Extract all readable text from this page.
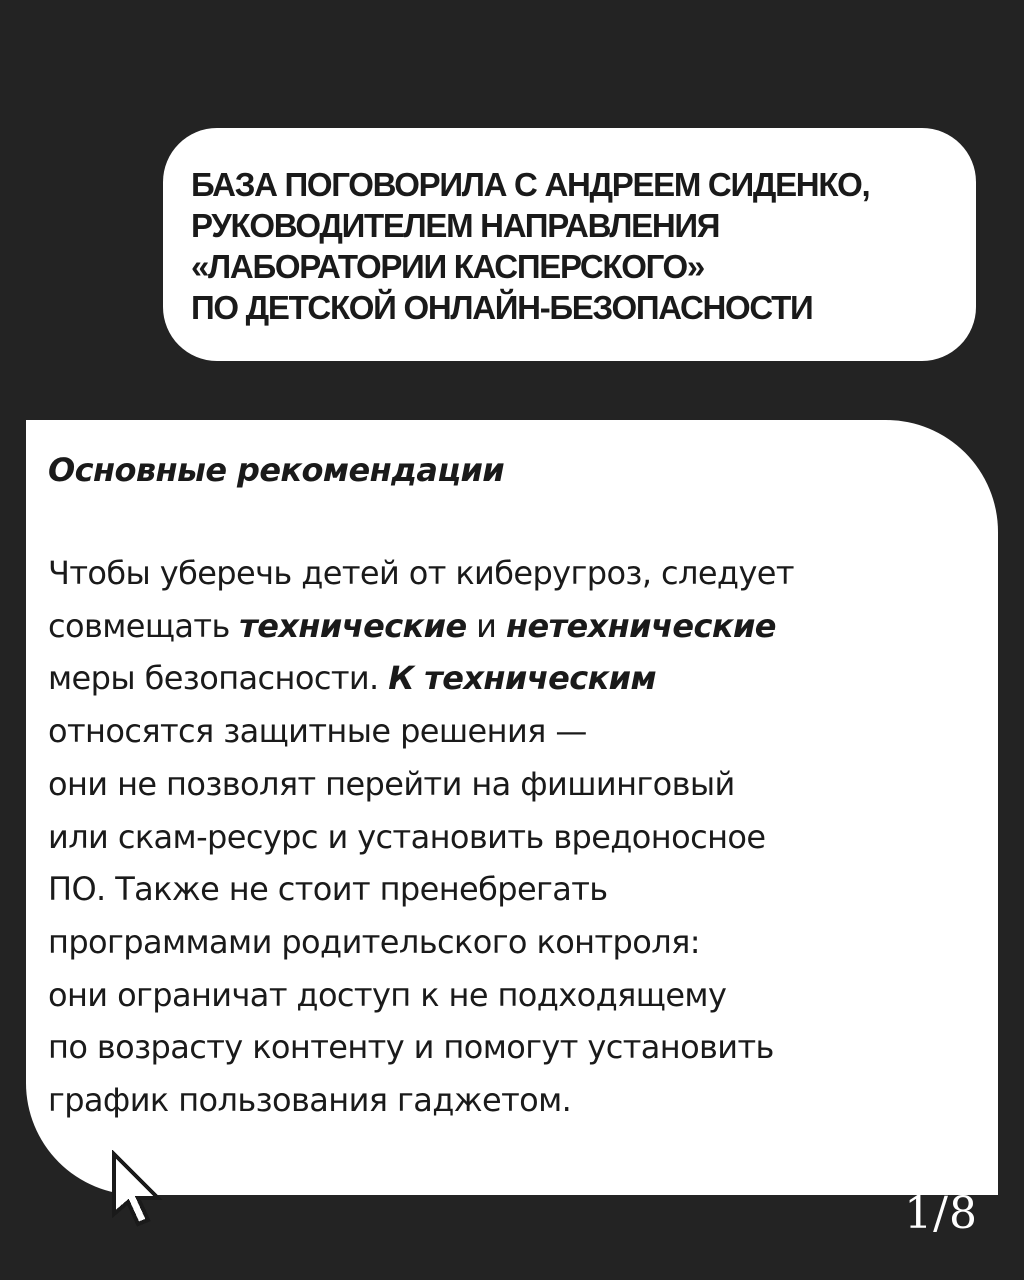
БАЗА ПОГОВОРИЛА С АНДРЕЕМ СИДЕНКО,
РУКОВОДИТЕЛЕМ НАПРАВЛЕНИЯ
«ЛАБОРАТОРИИ КАСПЕРСКОГО»
ПО ДЕТСКОЙ ОНЛАЙН-БЕЗОПАСНОСТИ
Основные рекомендации
Чтобы уберечь детей от киберугроз, следует
совмещать технические и нетехнические
меры безопасности. К техническим
относятся защитные решения —
они не позволят перейти на фишинговый
или скам-ресурс и установить вредоносное
ПО. Также не стоит пренебрегать
программами родительского контроля:
они ограничат доступ к не подходящему
по возрасту контенту и помогут установить
график пользования гаджетом.
1/8
